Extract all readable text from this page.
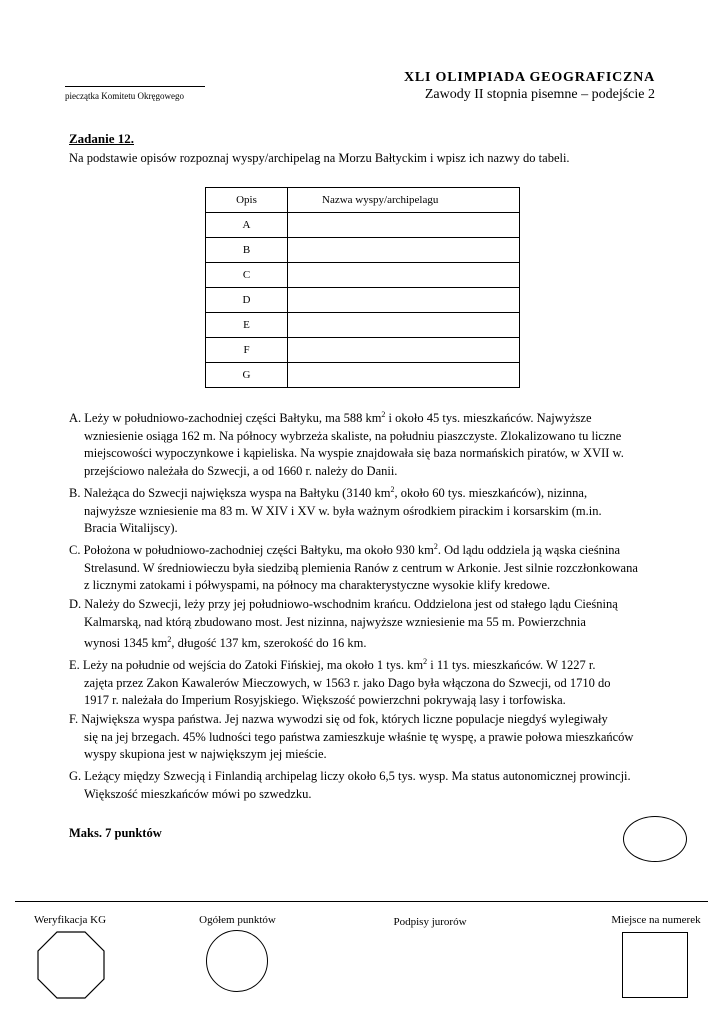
pieczątka Komitetu Okręgowego
XLI OLIMPIADA GEOGRAFICZNA
Zawody II stopnia pisemne – podejście 2
Zadanie 12.
Na podstawie opisów rozpoznaj wyspy/archipelag na Morzu Bałtyckim i wpisz ich nazwy do tabeli.
Opis	Nazwa wyspy/archipelagu
A	
B	
C	
D	
E	
F	
G	
A. Leży w południowo-zachodniej części Bałtyku, ma 588 $km^2$ i około 45 tys. mieszkańców. Najwyższe
wzniesienie osiąga 162 m. Na północy wybrzeża skaliste, na południu piaszczyste. Zlokalizowano tu liczne
miejscowości wypoczynkowe i kąpieliska. Na wyspie znajdowała się baza normańskich piratów, w XVII w.
przejściowo należała do Szwecji, a od 1660 r. należy do Danii.
B. Należąca do Szwecji największa wyspa na Bałtyku (3140 $km^2$, około 60 tys. mieszkańców), nizinna,
najwyższe wzniesienie ma 83 m. W XIV i XV w. była ważnym ośrodkiem pirackim i korsarskim (m.in.
Bracia Witalijscy).
C. Położona w południowo-zachodniej części Bałtyku, ma około 930 $km^2$. Od lądu oddziela ją wąska cieśnina
Strelasund. W średniowieczu była siedzibą plemienia Ranów z centrum w Arkonie. Jest silnie rozczłonkowana
z licznymi zatokami i półwyspami, na północy ma charakterystyczne wysokie klify kredowe.
D. Należy do Szwecji, leży przy jej południowo-wschodnim krańcu. Oddzielona jest od stałego lądu Cieśniną
Kalmarską, nad którą zbudowano most. Jest nizinna, najwyższe wzniesienie ma 55 m. Powierzchnia
wynosi 1345 $km^2$, długość 137 km, szerokość do 16 km.
E. Leży na południe od wejścia do Zatoki Fińskiej, ma około 1 tys. $km^2$ i 11 tys. mieszkańców. W 1227 r.
zajęta przez Zakon Kawalerów Mieczowych, w 1563 r. jako Dago była włączona do Szwecji, od 1710 do
1917 r. należała do Imperium Rosyjskiego. Większość powierzchni pokrywają lasy i torfowiska.
F. Największa wyspa państwa. Jej nazwa wywodzi się od fok, których liczne populacje niegdyś wylegiwały
się na jej brzegach. 45% ludności tego państwa zamieszkuje właśnie tę wyspę, a prawie połowa mieszkańców
wyspy skupiona jest w największym jej mieście.
G. Leżący między Szwecją i Finlandią archipelag liczy około 6,5 tys. wysp. Ma status autonomicznej prowincji.
Większość mieszkańców mówi po szwedzku.
Maks. 7 punktów
Weryfikacja KG	Ogółem punktów	Podpisy jurorów	Miejsce na numerek
